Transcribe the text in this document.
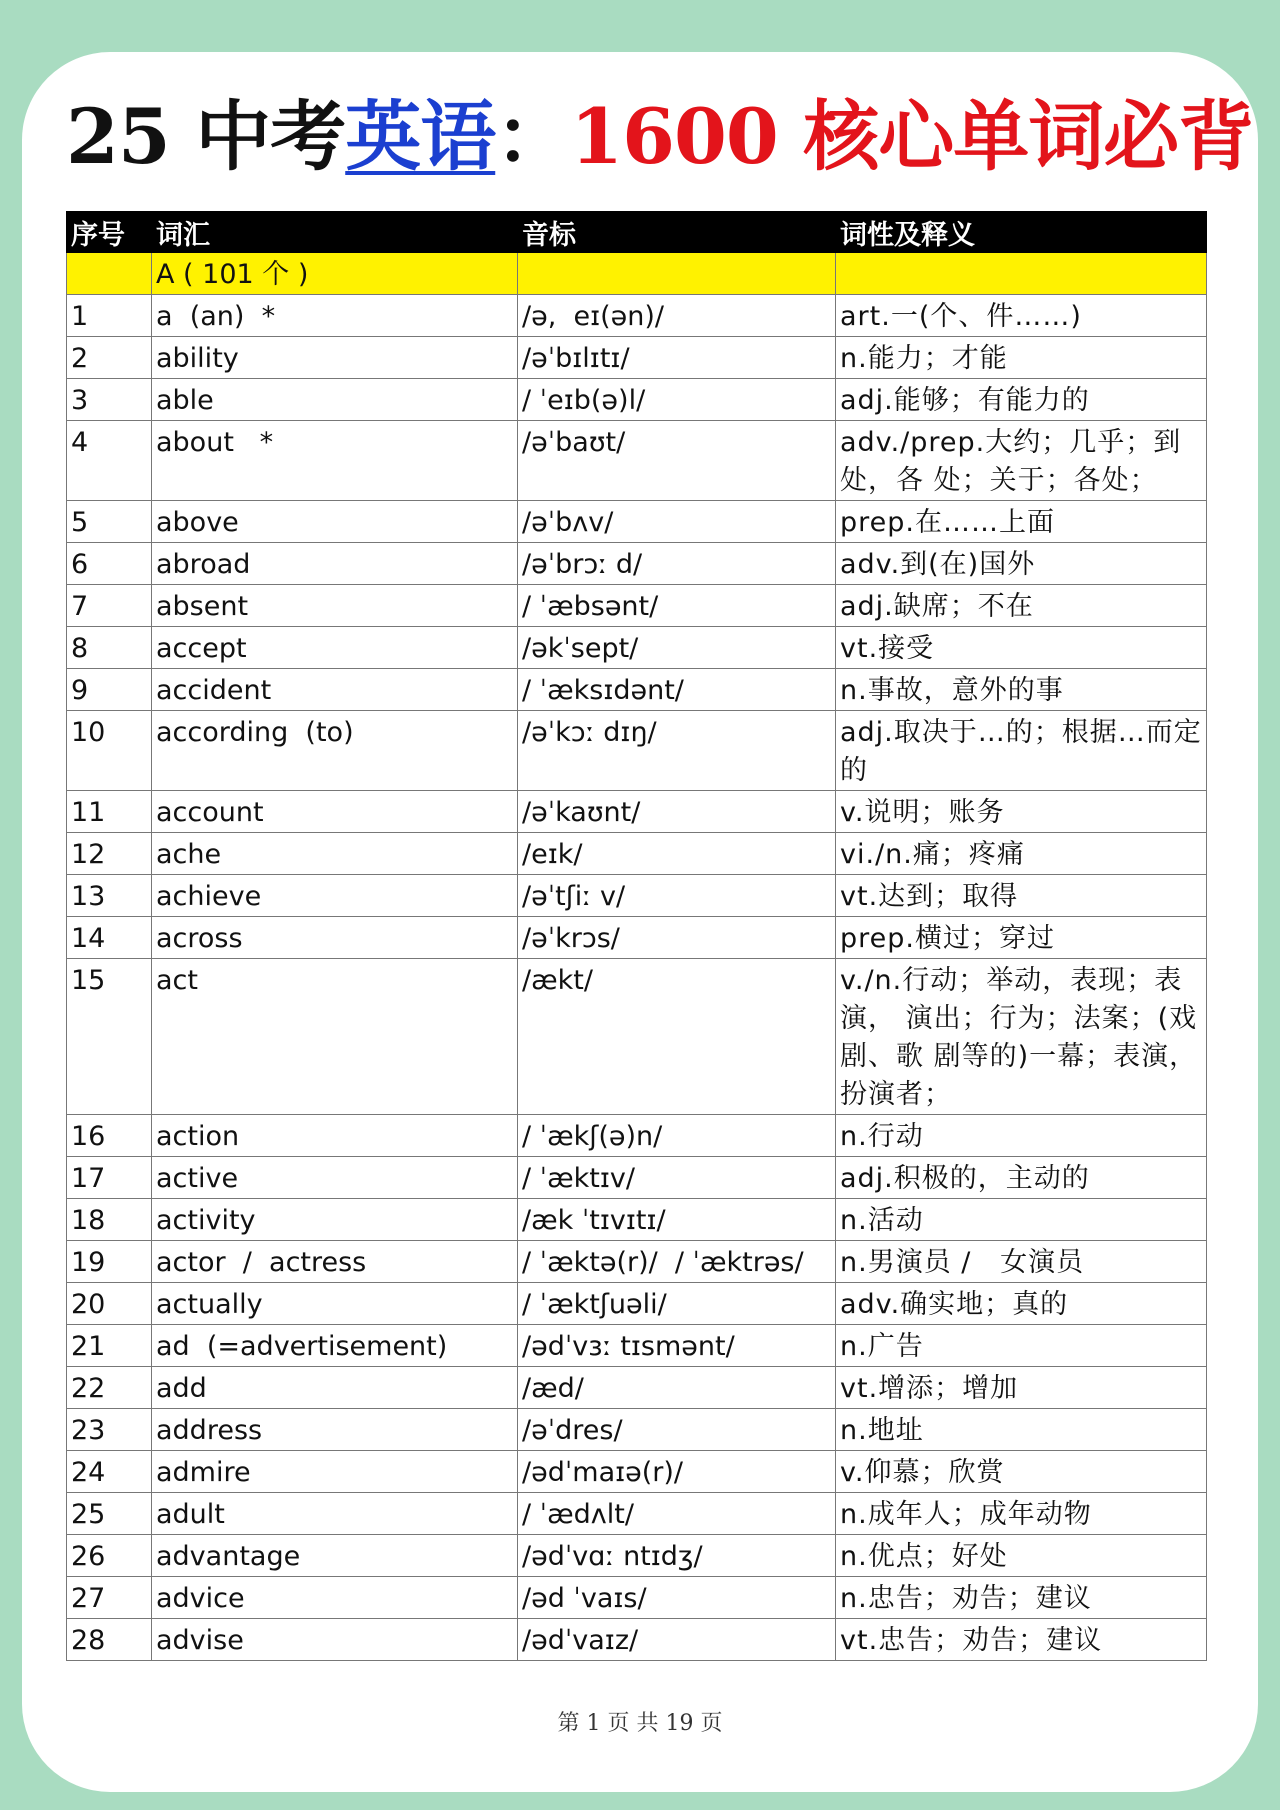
25 中考英语：1600 核心单词必背
序号	词汇	音标	词性及释义
	A ( 101 个 )		
1	a  (an)  *	/ə,  eɪ(ən)/	art.一(个、件……)
2	ability	/əˈbɪlɪtɪ/	n.能力；才能
3	able	/ ˈeɪb(ə)l/	adj.能够；有能力的
4	about   *	/əˈbaʊt/	adv./prep.大约；几乎；到处，各 处；关于；各处；
5	above	/əˈbʌv/	prep.在……上面
6	abroad	/əˈbrɔː d/	adv.到(在)国外
7	absent	/ ˈæbsənt/	adj.缺席；不在
8	accept	/əkˈsept/	vt.接受
9	accident	/ ˈæksɪdənt/	n.事故，意外的事
10	according  (to)	/əˈkɔː dɪŋ/	adj.取决于…的；根据…而定的
11	account	/əˈkaʊnt/	v.说明；账务
12	ache	/eɪk/	vi./n.痛；疼痛
13	achieve	/əˈtʃiː v/	vt.达到；取得
14	across	/əˈkrɔs/	prep.横过；穿过
15	act	/ækt/	v./n.行动；举动，表现；表演， 演出；行为；法案；(戏剧、歌 剧等的)一幕；表演，扮演者；
16	action	/ ˈækʃ(ə)n/	n.行动
17	active	/ ˈæktɪv/	adj.积极的，主动的
18	activity	/æk ˈtɪvɪtɪ/	n.活动
19	actor  /  actress	/ ˈæktə(r)/  / ˈæktrəs/	n.男演员 /   女演员
20	actually	/ ˈæktʃuəli/	adv.确实地；真的
21	ad  (=advertisement)	/ədˈvɜː tɪsmənt/	n.广告
22	add	/æd/	vt.增添；增加
23	address	/əˈdres/	n.地址
24	admire	/ədˈmaɪə(r)/	v.仰慕；欣赏
25	adult	/ ˈædʌlt/	n.成年人；成年动物
26	advantage	/ədˈvɑː ntɪdʒ/	n.优点；好处
27	advice	/əd ˈvaɪs/	n.忠告；劝告；建议
28	advise	/ədˈvaɪz/	vt.忠告；劝告；建议
第 1 页 共 19 页
